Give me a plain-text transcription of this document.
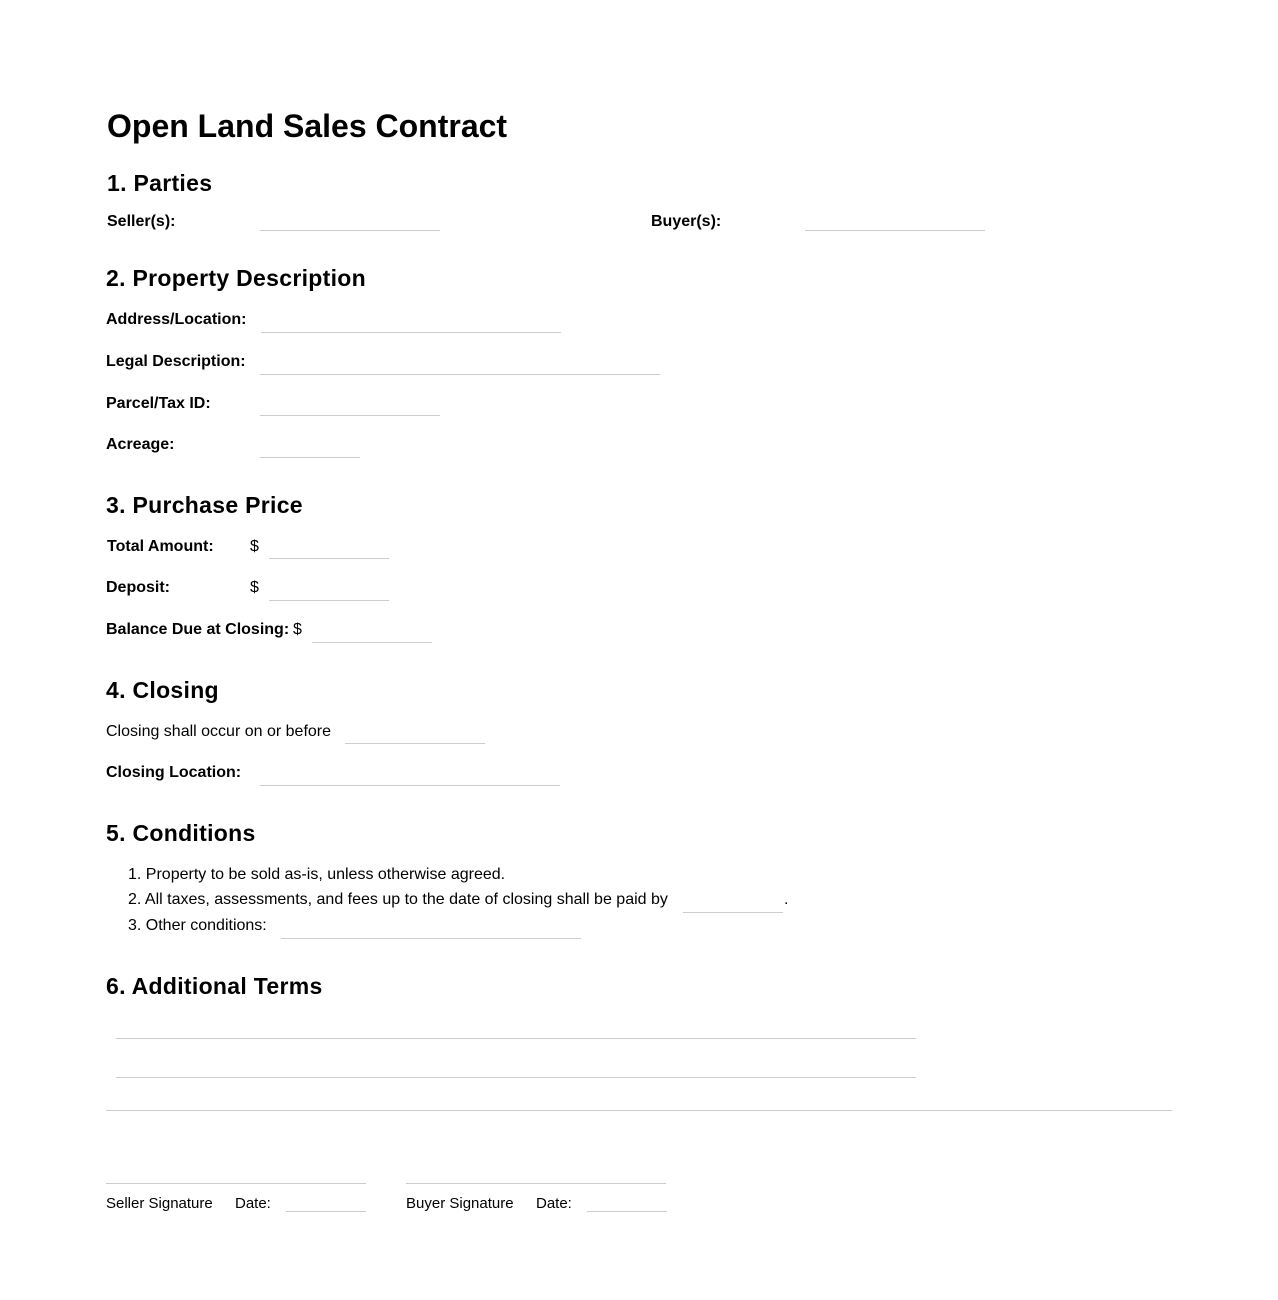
Open Land Sales Contract
1. Parties
Seller(s):	Buyer(s):
2. Property Description
Address/Location:
Legal Description:
Parcel/Tax ID:
Acreage:
3. Purchase Price
Total Amount: $
Deposit:	$
Balance Due at Closing: $
4. Closing
Closing shall occur on or before
Closing Location:
5. Conditions
1. Property to be sold as-is, unless otherwise agreed.
2. All taxes, assessments, and fees up to the date of closing shall be paid by	.
3. Other conditions:
6. Additional Terms
Seller Signature Date:	Buyer Signature Date:
